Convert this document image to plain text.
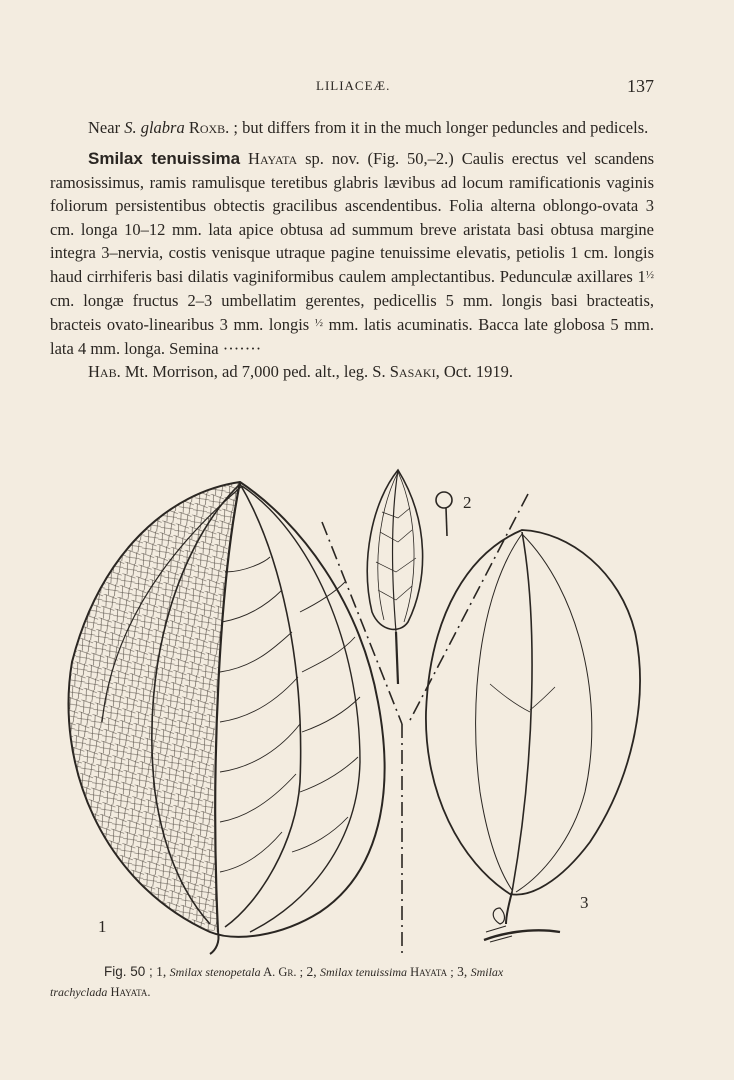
LILIACEÆ.	137

Near S. glabra Roxb. ; but differs from it in the much longer peduncles and pedicels.

Smilax tenuissima Hayata sp. nov. (Fig. 50,–2.) Caulis erectus vel scandens ramosissimus, ramis ramulisque teretibus glabris lævibus ad locum ramificationis vaginis foliorum persistentibus obtectis gracilibus ascendentibus. Folia alterna oblongo-ovata 3 cm. longa 10–12 mm. lata apice obtusa ad summum breve aristata basi obtusa margine integra 3–nervia, costis venisque utraque pagine tenuissime elevatis, petiolis 1 cm. longis haud cirrhiferis basi dilatis vaginiformibus caulem amplectantibus. Pedunculæ axillares $1^{\frac{1}{2}}$ cm. longæ fructus 2–3 umbellatim gerentes, pedicellis 5 mm. longis basi bracteatis, bracteis ovato-linearibus 3 mm. longis $^{\frac{1}{2}}$ mm. latis acuminatis. Bacca late globosa 5 mm. lata 4 mm. longa. Semina ·······

Hab. Mt. Morrison, ad 7,000 ped. alt., leg. S. Sasaki, Oct. 1919.

1
2
3
Fig. 50 ; 1, Smilax stenopetala A. Gr. ; 2, Smilax tenuissima Hayata ; 3, Smilax
trachyclada Hayata.
